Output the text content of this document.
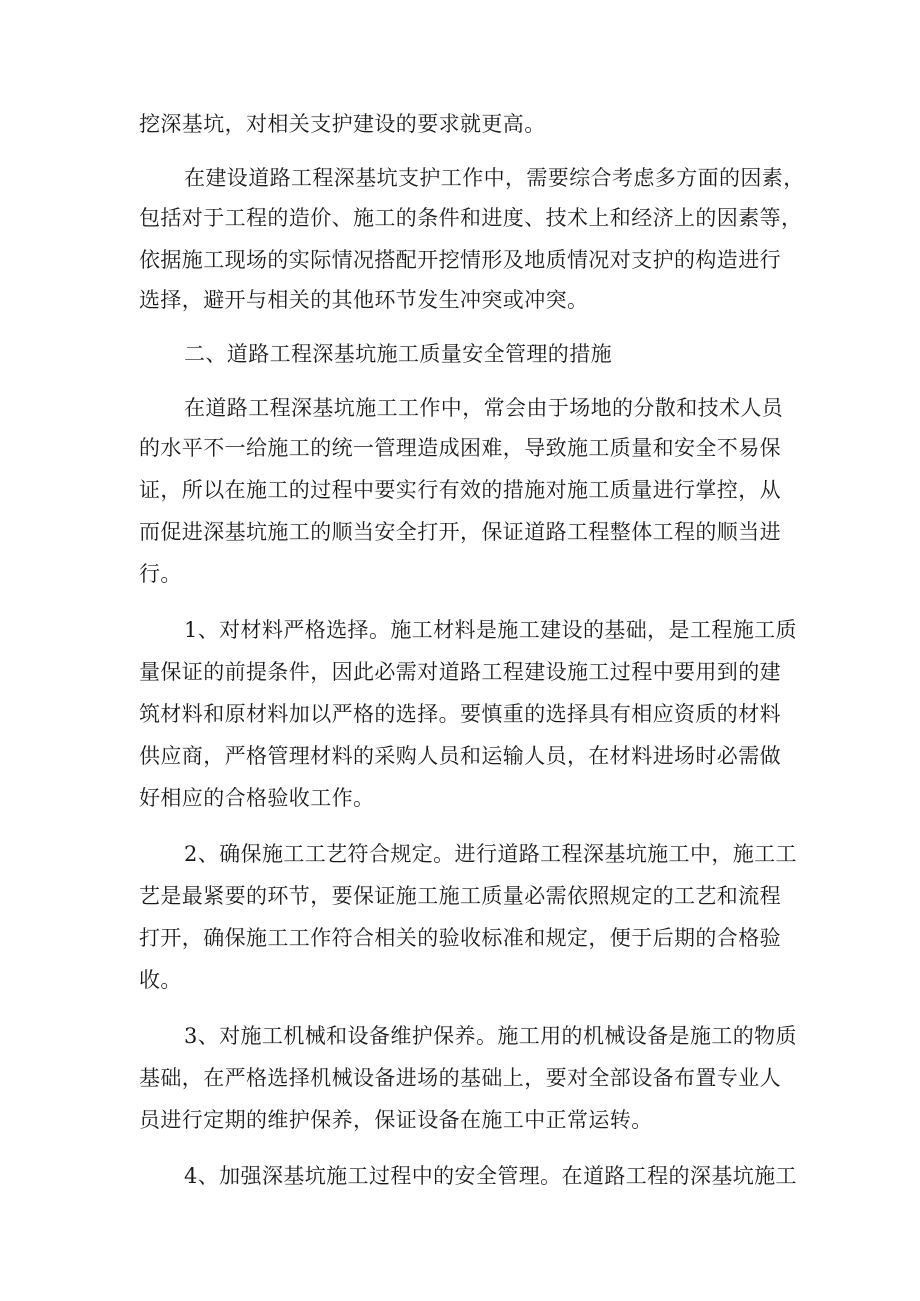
挖深基坑，对相关支护建设的要求就更高。
在建设道路工程深基坑支护工作中，需要综合考虑多方面的因素，
包括对于工程的造价、施工的条件和进度、技术上和经济上的因素等，
依据施工现场的实际情况搭配开挖情形及地质情况对支护的构造进行
选择，避开与相关的其他环节发生冲突或冲突。
二、道路工程深基坑施工质量安全管理的措施
在道路工程深基坑施工工作中，常会由于场地的分散和技术人员
的水平不一给施工的统一管理造成困难，导致施工质量和安全不易保
证，所以在施工的过程中要实行有效的措施对施工质量进行掌控，从
而促进深基坑施工的顺当安全打开，保证道路工程整体工程的顺当进
行。
1、对材料严格选择。施工材料是施工建设的基础，是工程施工质
量保证的前提条件，因此必需对道路工程建设施工过程中要用到的建
筑材料和原材料加以严格的选择。要慎重的选择具有相应资质的材料
供应商，严格管理材料的采购人员和运输人员，在材料进场时必需做
好相应的合格验收工作。
2、确保施工工艺符合规定。进行道路工程深基坑施工中，施工工
艺是最紧要的环节，要保证施工施工质量必需依照规定的工艺和流程
打开，确保施工工作符合相关的验收标准和规定，便于后期的合格验
收。
3、对施工机械和设备维护保养。施工用的机械设备是施工的物质
基础，在严格选择机械设备进场的基础上，要对全部设备布置专业人
员进行定期的维护保养，保证设备在施工中正常运转。
4、加强深基坑施工过程中的安全管理。在道路工程的深基坑施工
